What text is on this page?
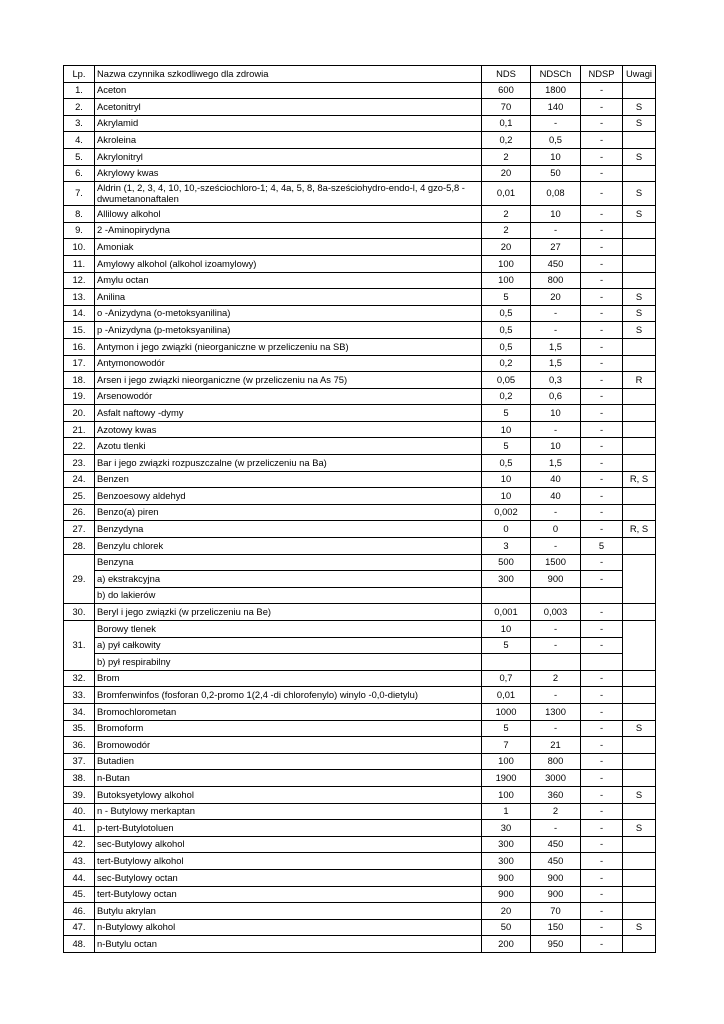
Lp.	Nazwa czynnika szkodliwego dla zdrowia	NDS	NDSCh	NDSP	Uwagi
1.	Aceton	600	1800	-	
2.	Acetonitryl	70	140	-	S
3.	Akrylamid	0,1	-	-	S
4.	Akroleina	0,2	0,5	-	
5.	Akrylonitryl	2	10	-	S
6.	Akrylowy kwas	20	50	-	
7.	Aldrin (1, 2, 3, 4, 10, 10,-sześciochloro-1; 4, 4a, 5, 8, 8a-sześciohydro-endo-l, 4 gzo-5,8 -dwumetanonaftalen	0,01	0,08	-	S
8.	Allilowy alkohol	2	10	-	S
9.	2 -Aminopirydyna	2	-	-	
10.	Amoniak	20	27	-	
11.	Amylowy alkohol (alkohol izoamylowy)	100	450	-	
12.	Amylu octan	100	800	-	
13.	Anilina	5	20	-	S
14.	o -Anizydyna (o-metoksyanilina)	0,5	-	-	S
15.	p -Anizydyna (p-metoksyanilina)	0,5	-	-	S
16.	Antymon i jego związki (nieorganiczne w przeliczeniu na SB)	0,5	1,5	-	
17.	Antymonowodór	0,2	1,5	-	
18.	Arsen i jego związki nieorganiczne (w przeliczeniu na As 75)	0,05	0,3	-	R
19.	Arsenowodór	0,2	0,6	-	
20.	Asfalt naftowy -dymy	5	10	-	
21.	Azotowy kwas	10	-	-	
22.	Azotu tlenki	5	10	-	
23.	Bar i jego związki rozpuszczalne (w przeliczeniu na Ba)	0,5	1,5	-	
24.	Benzen	10	40	-	R, S
25.	Benzoesowy aldehyd	10	40	-	
26.	Benzo(a) piren	0,002	-	-	
27.	Benzydyna	0	0	-	R, S
28.	Benzylu chlorek	3	-	5	
29.	Benzyna	500	1500	-	
	a) ekstrakcyjna	300	900	-	
	b) do lakierów				
30.	Beryl i jego związki (w przeliczeniu na Be)	0,001	0,003	-	
31.	Borowy tlenek	10	-	-	
	a) pył całkowity	5	-	-	
	b) pył respirabilny				
32.	Brom	0,7	2	-	
33.	Bromfenwinfos (fosforan 0,2-promo 1(2,4 -di chlorofenylo) winylo -0,0-dietylu)	0,01	-	-	
34.	Bromochlorometan	1000	1300	-	
35.	Bromoform	5	-	-	S
36.	Bromowodór	7	21	-	
37.	Butadien	100	800	-	
38.	n-Butan	1900	3000	-	
39.	Butoksyetylowy alkohol	100	360	-	S
40.	n - Butylowy merkaptan	1	2	-	
41.	p-tert-Butylotoluen	30	-	-	S
42.	sec-Butylowy alkohol	300	450	-	
43.	tert-Butylowy alkohol	300	450	-	
44.	sec-Butylowy octan	900	900	-	
45.	tert-Butylowy octan	900	900	-	
46.	Butylu akrylan	20	70	-	
47.	n-Butylowy alkohol	50	150	-	S
48.	n-Butylu octan	200	950	-	
